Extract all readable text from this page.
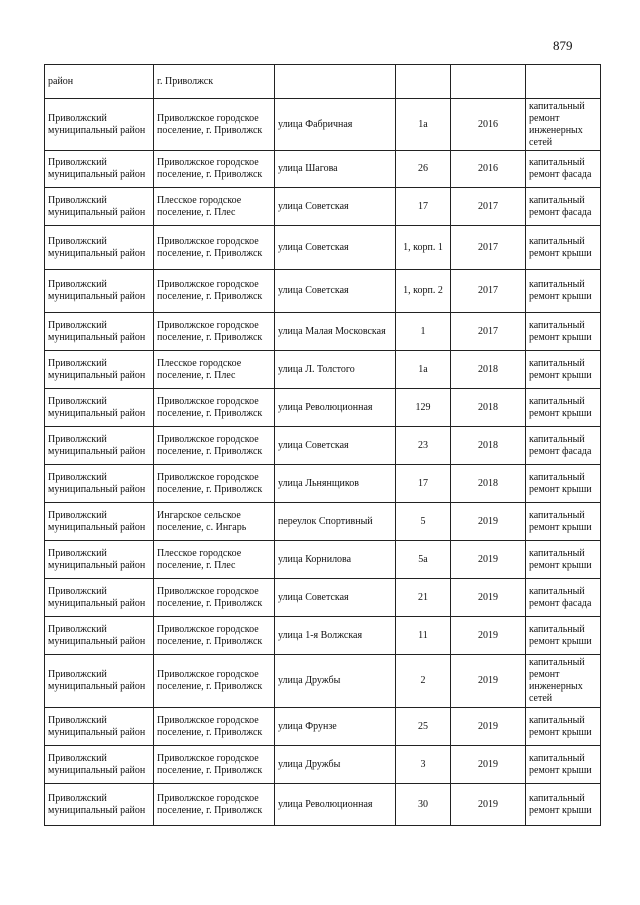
879
район	г. Приволжск				

Приволжский муниципальный район	Приволжское городское поселение, г. Приволжск	улица Фабричная	1а	2016	капитальный ремонт инженерных сетей

Приволжский муниципальный район	Приволжское городское поселение, г. Приволжск	улица Шагова	26	2016	капитальный ремонт фасада

Приволжский муниципальный район	Плесское городское поселение, г. Плес	улица Советская	17	2017	капитальный ремонт фасада

Приволжский муниципальный район	Приволжское городское поселение, г. Приволжск	улица Советская	1, корп. 1	2017	капитальный ремонт крыши

Приволжский муниципальный район	Приволжское городское поселение, г. Приволжск	улица Советская	1, корп. 2	2017	капитальный ремонт крыши

Приволжский муниципальный район	Приволжское городское поселение, г. Приволжск	улица Малая Московская	1	2017	капитальный ремонт крыши

Приволжский муниципальный район	Плесское городское поселение, г. Плес	улица Л. Толстого	1а	2018	капитальный ремонт крыши

Приволжский муниципальный район	Приволжское городское поселение, г. Приволжск	улица Революционная	129	2018	капитальный ремонт крыши

Приволжский муниципальный район	Приволжское городское поселение, г. Приволжск	улица Советская	23	2018	капитальный ремонт фасада

Приволжский муниципальный район	Приволжское городское поселение, г. Приволжск	улица Льнянщиков	17	2018	капитальный ремонт крыши

Приволжский муниципальный район	Ингарское сельское поселение, с. Ингарь	переулок Спортивный	5	2019	капитальный ремонт крыши

Приволжский муниципальный район	Плесское городское поселение, г. Плес	улица Корнилова	5а	2019	капитальный ремонт крыши

Приволжский муниципальный район	Приволжское городское поселение, г. Приволжск	улица Советская	21	2019	капитальный ремонт фасада

Приволжский муниципальный район	Приволжское городское поселение, г. Приволжск	улица 1-я Волжская	11	2019	капитальный ремонт крыши

Приволжский муниципальный район	Приволжское городское поселение, г. Приволжск	улица Дружбы	2	2019	капитальный ремонт инженерных сетей

Приволжский муниципальный район	Приволжское городское поселение, г. Приволжск	улица Фрунзе	25	2019	капитальный ремонт крыши

Приволжский муниципальный район	Приволжское городское поселение, г. Приволжск	улица Дружбы	3	2019	капитальный ремонт крыши

Приволжский муниципальный район	Приволжское городское поселение, г. Приволжск	улица Революционная	30	2019	капитальный ремонт крыши
